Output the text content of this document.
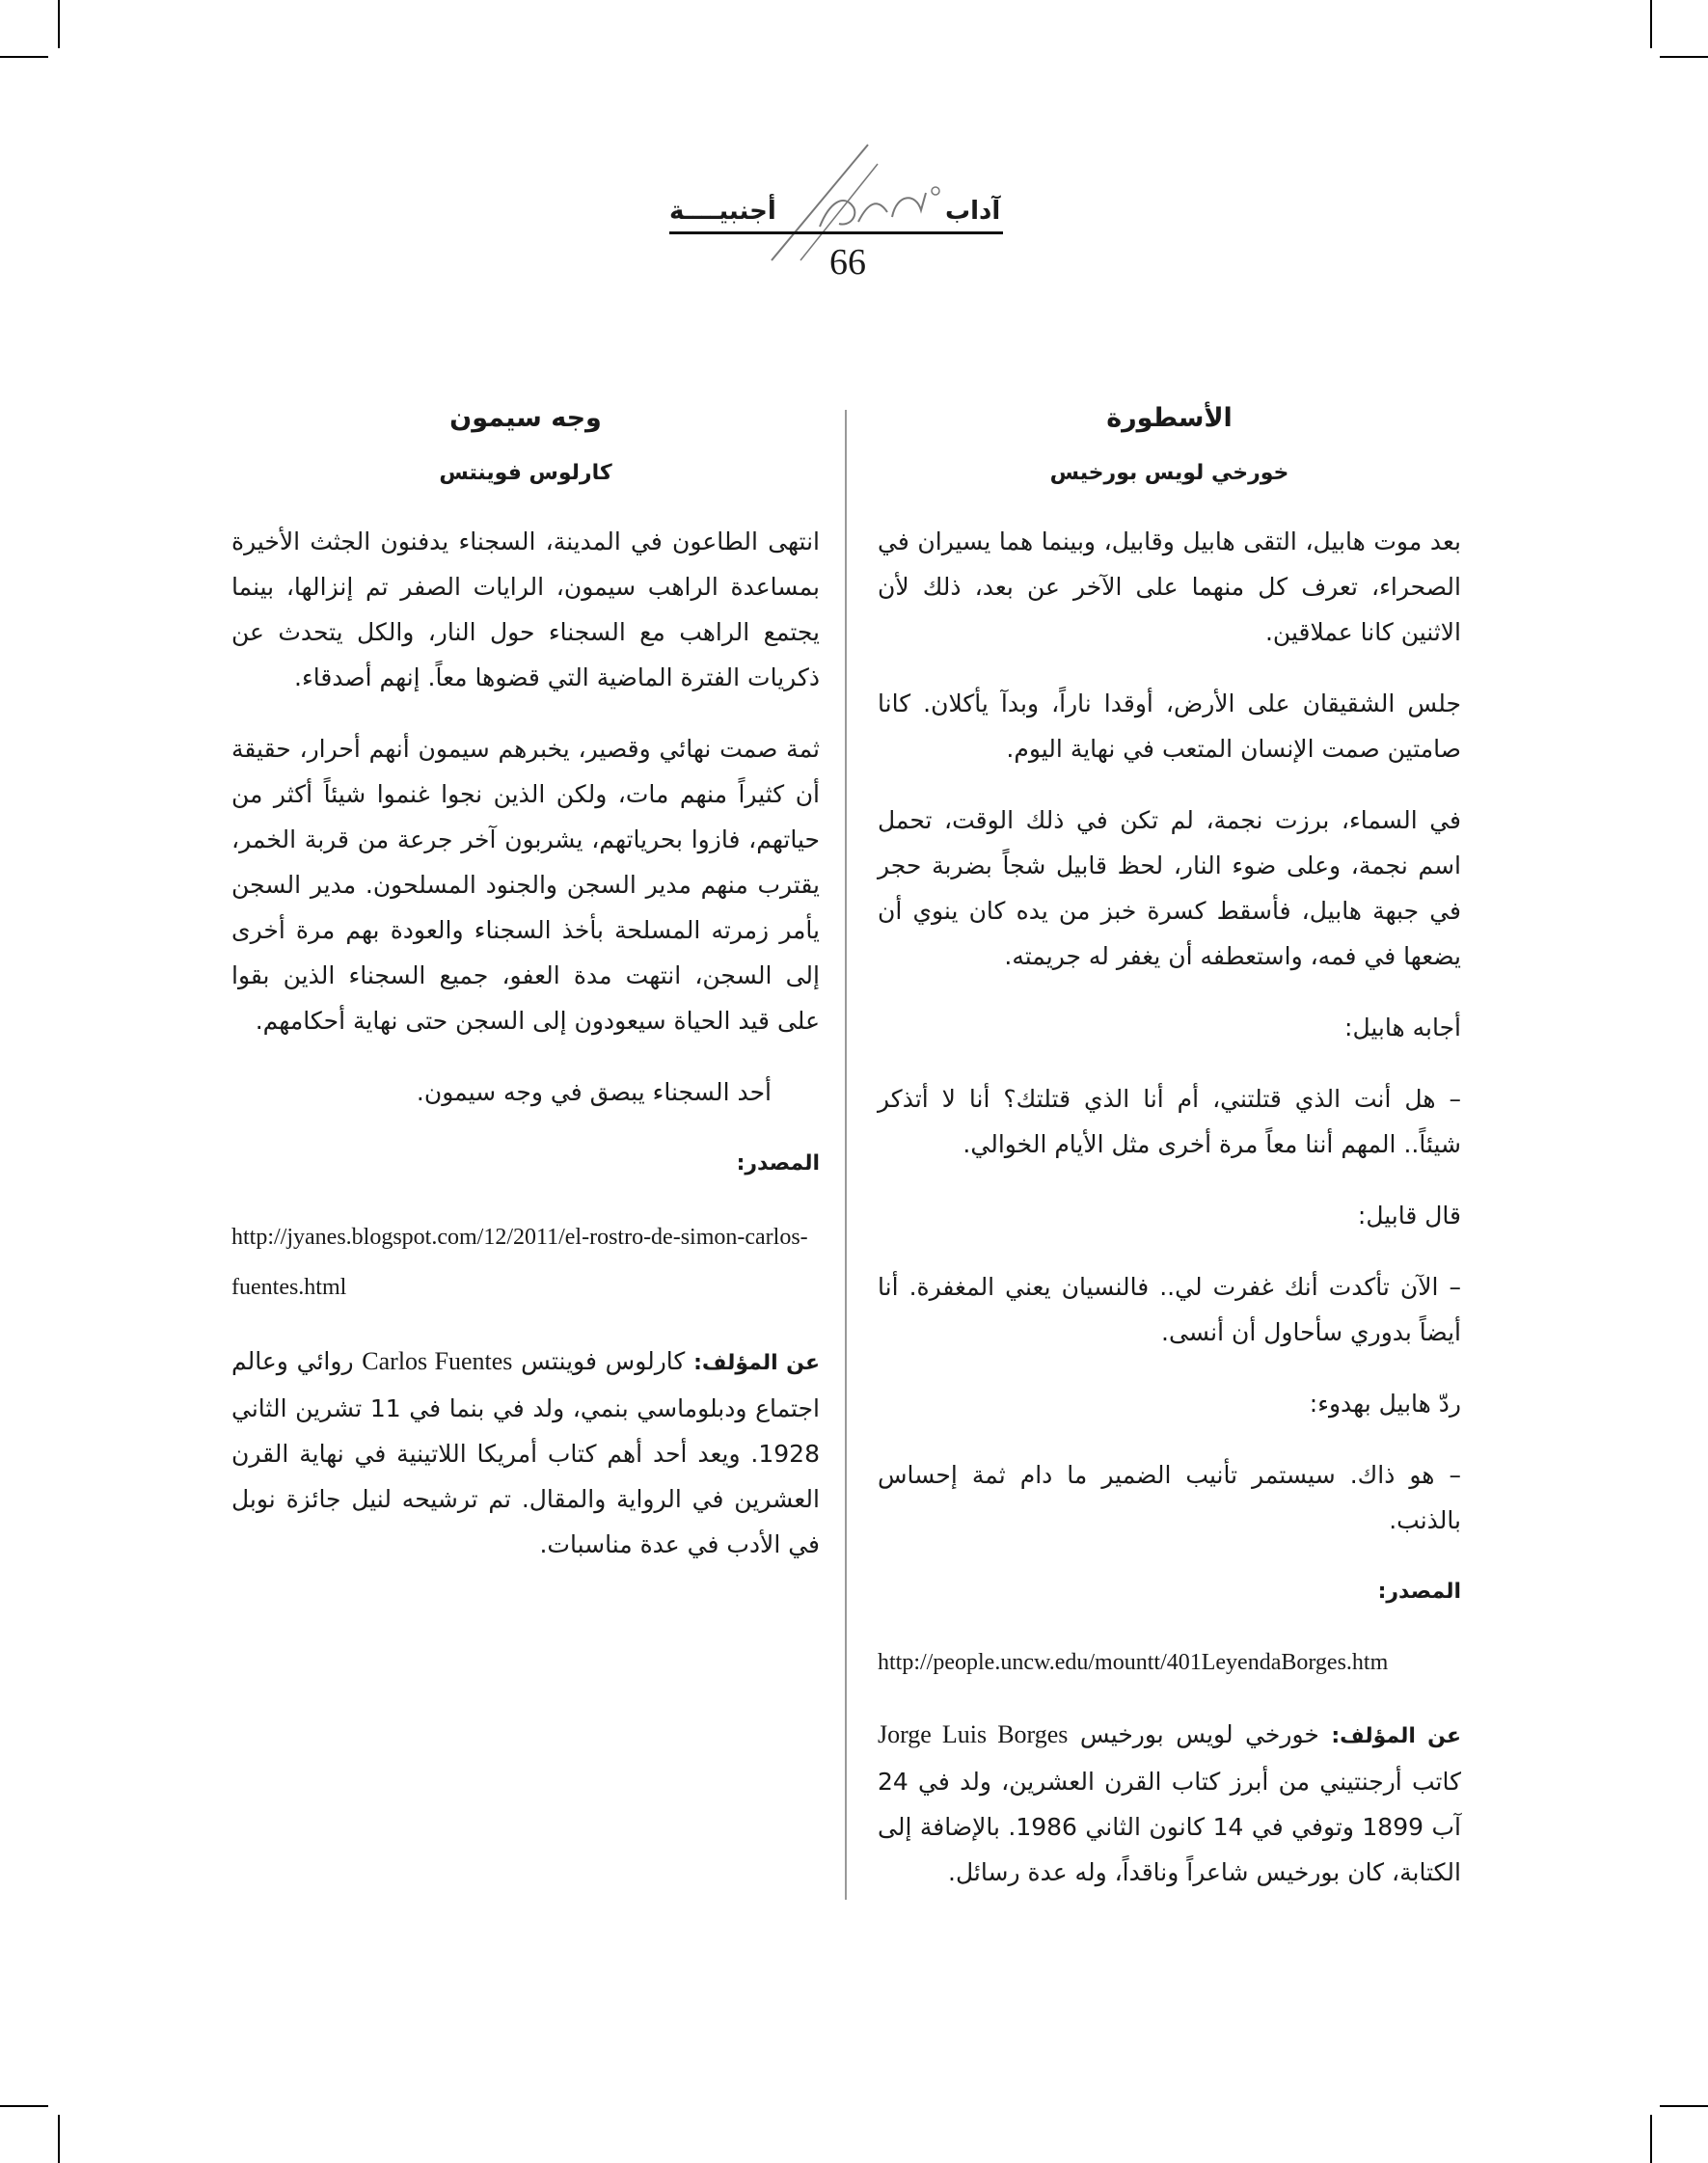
أجنبيــــة	آداب
66

الأسطورة

خورخي لويس بورخيس

بعد موت هابيل، التقى هابيل وقابيل، وبينما هما يسيران في الصحراء، تعرف كل منهما على الآخر عن بعد، ذلك لأن الاثنين كانا عملاقين.

جلس الشقيقان على الأرض، أوقدا ناراً، وبدآ يأكلان. كانا صامتين صمت الإنسان المتعب في نهاية اليوم.

في السماء، برزت نجمة، لم تكن في ذلك الوقت، تحمل اسم نجمة، وعلى ضوء النار، لحظ قابيل شجاً بضربة حجر في جبهة هابيل، فأسقط كسرة خبز من يده كان ينوي أن يضعها في فمه، واستعطفه أن يغفر له جريمته.

أجابه هابيل:

– هل أنت الذي قتلتني، أم أنا الذي قتلتك؟ أنا لا أتذكر شيئاً.. المهم أننا معاً مرة أخرى مثل الأيام الخوالي.

قال قابيل:

– الآن تأكدت أنك غفرت لي.. فالنسيان يعني المغفرة. أنا أيضاً بدوري سأحاول أن أنسى.

ردّ هابيل بهدوء:

– هو ذاك. سيستمر تأنيب الضمير ما دام ثمة إحساس بالذنب.

المصدر:

http://people.uncw.edu/mountt/401LeyendaBorges.htm

عن المؤلف: خورخي لويس بورخيس Jorge Luis Borges كاتب أرجنتيني من أبرز كتاب القرن العشرين، ولد في 24 آب 1899 وتوفي في 14 كانون الثاني 1986. بالإضافة إلى الكتابة، كان بورخيس شاعراً وناقداً، وله عدة رسائل.

وجه سيمون

كارلوس فوينتس

انتهى الطاعون في المدينة، السجناء يدفنون الجثث الأخيرة بمساعدة الراهب سيمون، الرايات الصفر تم إنزالها، بينما يجتمع الراهب مع السجناء حول النار، والكل يتحدث عن ذكريات الفترة الماضية التي قضوها معاً. إنهم أصدقاء.

ثمة صمت نهائي وقصير، يخبرهم سيمون أنهم أحرار، حقيقة أن كثيراً منهم مات، ولكن الذين نجوا غنموا شيئاً أكثر من حياتهم، فازوا بحرياتهم، يشربون آخر جرعة من قربة الخمر، يقترب منهم مدير السجن والجنود المسلحون. مدير السجن يأمر زمرته المسلحة بأخذ السجناء والعودة بهم مرة أخرى إلى السجن، انتهت مدة العفو، جميع السجناء الذين بقوا على قيد الحياة سيعودون إلى السجن حتى نهاية أحكامهم.

أحد السجناء يبصق في وجه سيمون.

المصدر:

http://jyanes.blogspot.com/12/2011/el-rostro-de-simon-carlos-fuentes.html

عن المؤلف: كارلوس فوينتس Carlos Fuentes روائي وعالم اجتماع ودبلوماسي بنمي، ولد في بنما في 11 تشرين الثاني 1928. ويعد أحد أهم كتاب أمريكا اللاتينية في نهاية القرن العشرين في الرواية والمقال. تم ترشيحه لنيل جائزة نوبل في الأدب في عدة مناسبات.
